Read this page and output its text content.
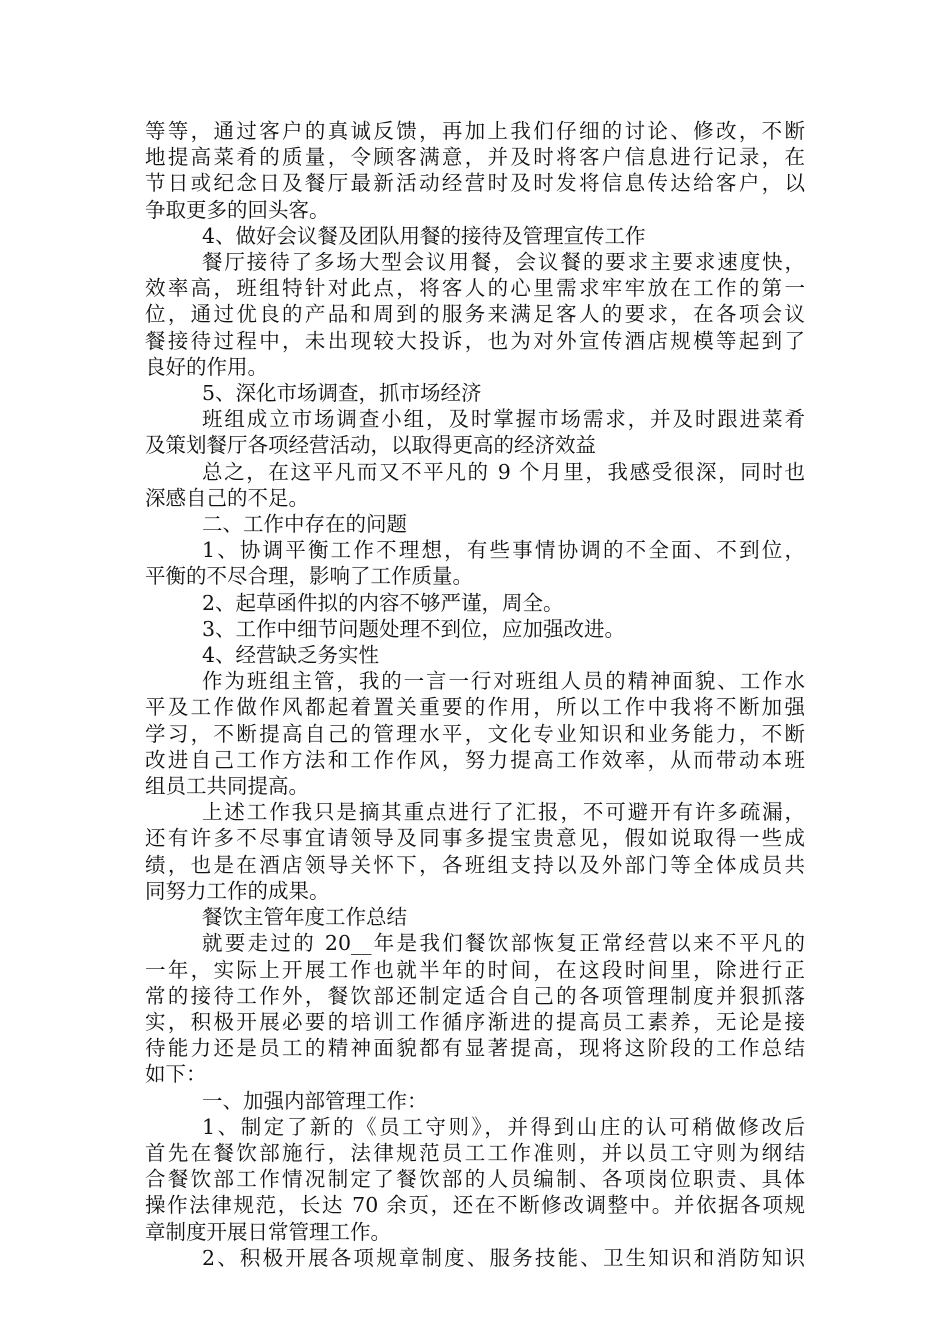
等等，通过客户的真诚反馈，再加上我们仔细的讨论、修改，不断
地提高菜肴的质量，令顾客满意，并及时将客户信息进行记录，在
节日或纪念日及餐厅最新活动经营时及时发将信息传达给客户，以
争取更多的回头客。
4、做好会议餐及团队用餐的接待及管理宣传工作
餐厅接待了多场大型会议用餐，会议餐的要求主要求速度快，
效率高，班组特针对此点，将客人的心里需求牢牢放在工作的第一
位，通过优良的产品和周到的服务来满足客人的要求，在各项会议
餐接待过程中，未出现较大投诉，也为对外宣传酒店规模等起到了
良好的作用。
5、深化市场调查，抓市场经济
班组成立市场调查小组，及时掌握市场需求，并及时跟进菜肴
及策划餐厅各项经营活动，以取得更高的经济效益
总之，在这平凡而又不平凡的 9 个月里，我感受很深，同时也
深感自己的不足。
二、工作中存在的问题
1、协调平衡工作不理想，有些事情协调的不全面、不到位，
平衡的不尽合理，影响了工作质量。
2、起草函件拟的内容不够严谨，周全。
3、工作中细节问题处理不到位，应加强改进。
4、经营缺乏务实性
作为班组主管，我的一言一行对班组人员的精神面貌、工作水
平及工作做作风都起着置关重要的作用，所以工作中我将不断加强
学习，不断提高自己的管理水平，文化专业知识和业务能力，不断
改进自己工作方法和工作作风，努力提高工作效率，从而带动本班
组员工共同提高。
上述工作我只是摘其重点进行了汇报，不可避开有许多疏漏，
还有许多不尽事宜请领导及同事多提宝贵意见，假如说取得一些成
绩，也是在酒店领导关怀下，各班组支持以及外部门等全体成员共
同努力工作的成果。
餐饮主管年度工作总结
就要走过的 20__年是我们餐饮部恢复正常经营以来不平凡的
一年，实际上开展工作也就半年的时间，在这段时间里，除进行正
常的接待工作外，餐饮部还制定适合自己的各项管理制度并狠抓落
实，积极开展必要的培训工作循序渐进的提高员工素养，无论是接
待能力还是员工的精神面貌都有显著提高，现将这阶段的工作总结
如下：
一、加强内部管理工作：
1、制定了新的《员工守则》，并得到山庄的认可稍做修改后
首先在餐饮部施行，法律规范员工工作准则，并以员工守则为纲结
合餐饮部工作情况制定了餐饮部的人员编制、各项岗位职责、具体
操作法律规范，长达 70 余页，还在不断修改调整中。并依据各项规
章制度开展日常管理工作。
2、积极开展各项规章制度、服务技能、卫生知识和消防知识
